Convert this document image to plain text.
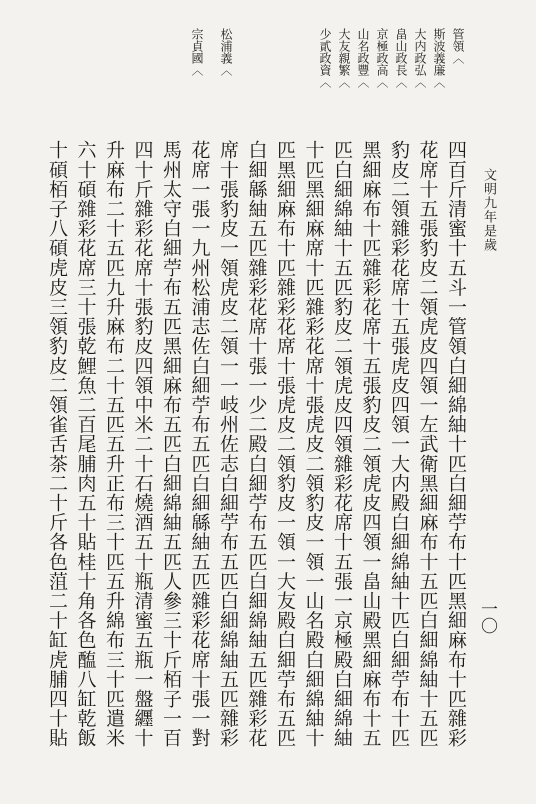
文明九年是歲
一〇
管領〈
斯波義廉〈
大内政弘〈
畠山政長〈
京極政高〈
山名政豐〈
大友親繁〈
少貳政資〈
松浦義〈
宗貞國〈
四百斤清蜜十五斗一管領白細綿紬十匹白細苧布十匹黑細麻布十匹雜彩
花席十五張豹皮二領虎皮四領一左武衛黑細麻布十五匹白細綿紬十五匹
豹皮二領雜彩花席十五張虎皮四領一大内殿白細綿紬十匹白細苧布十匹
黑細麻布十匹雜彩花席十五張豹皮二領虎皮四領一畠山殿黑細麻布十五
匹白細綿紬十五匹豹皮二領虎皮四領雜彩花席十五張一京極殿白細綿紬
十匹黑細麻席十匹雜彩花席十張虎皮二領豹皮一領一山名殿白細綿紬十
匹黑細麻布十匹雜彩花席十張虎皮二領豹皮一領一大友殿白細苧布五匹
白細緜紬五匹雜彩花席十張一少二殿白細苧布五匹白細綿紬五匹雜彩花
席十張豹皮一領虎皮二領一一岐州佐志白細苧布五匹白細綿紬五匹雜彩
花席一張一九州松浦志佐白細苧布五匹白細緜紬五匹雜彩花席十張一對
馬州太守白細苧布五匹黑細麻布五匹白細綿紬五匹人參三十斤栢子一百
四十斤雜彩花席十張豹皮四領中米二十石燒酒五十瓶清蜜五瓶一盤纒十
升麻布二十五匹九升麻布二十五匹五升正布三十匹五升綿布三十匹遣米
六十碩雜彩花席三十張乾鯉魚二百尾脯肉五十貼桂十角各色醢八缸乾飯
十碩栢子八碩虎皮三領豹皮二領雀舌茶二十斤各色菹二十缸虎脯四十貼
